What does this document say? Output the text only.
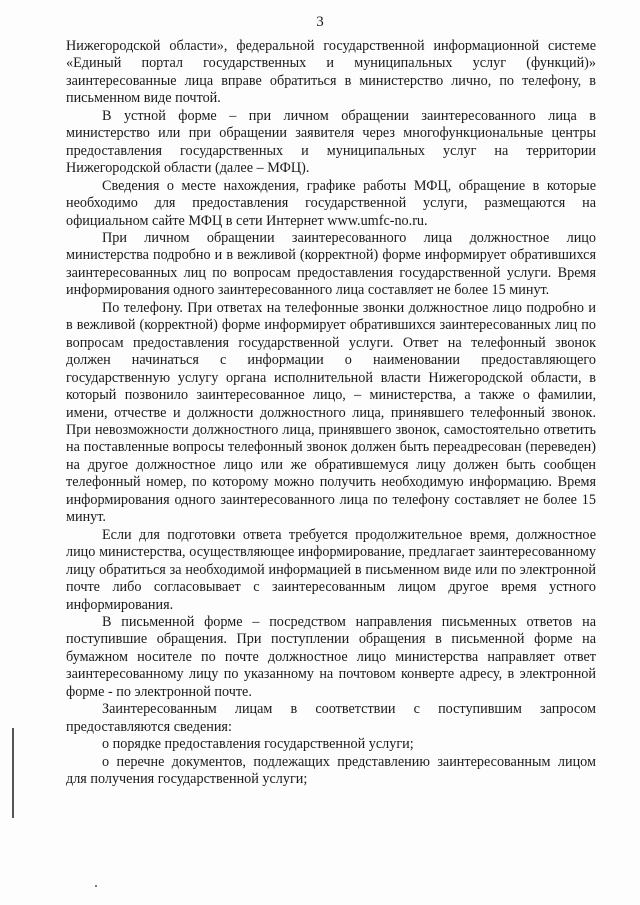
3

Нижегородской области», федеральной государственной информационной системе «Единый портал государственных и муниципальных услуг (функций)» заинтересованные лица вправе обратиться в министерство лично, по телефону, в письменном виде почтой.

В устной форме – при личном обращении заинтересованного лица в министерство или при обращении заявителя через многофункциональные центры предоставления государственных и муниципальных услуг на территории Нижегородской области (далее – МФЦ).

Сведения о месте нахождения, графике работы МФЦ, обращение в которые необходимо для предоставления государственной услуги, размещаются на официальном сайте МФЦ в сети Интернет www.umfc-no.ru.

При личном обращении заинтересованного лица должностное лицо министерства подробно и в вежливой (корректной) форме информирует обратившихся заинтересованных лиц по вопросам предоставления государственной услуги. Время информирования одного заинтересованного лица составляет не более 15 минут.

По телефону. При ответах на телефонные звонки должностное лицо подробно и в вежливой (корректной) форме информирует обратившихся заинтересованных лиц по вопросам предоставления государственной услуги. Ответ на телефонный звонок должен начинаться с информации о наименовании предоставляющего государственную услугу органа исполнительной власти Нижегородской области, в который позвонило заинтересованное лицо, – министерства, а также о фамилии, имени, отчестве и должности должностного лица, принявшего телефонный звонок. При невозможности должностного лица, принявшего звонок, самостоятельно ответить на поставленные вопросы телефонный звонок должен быть переадресован (переведен) на другое должностное лицо или же обратившемуся лицу должен быть сообщен телефонный номер, по которому можно получить необходимую информацию. Время информирования одного заинтересованного лица по телефону составляет не более 15 минут.

Если для подготовки ответа требуется продолжительное время, должностное лицо министерства, осуществляющее информирование, предлагает заинтересованному лицу обратиться за необходимой информацией в письменном виде или по электронной почте либо согласовывает с заинтересованным лицом другое время устного информирования.

В письменной форме – посредством направления письменных ответов на поступившие обращения. При поступлении обращения в письменной форме на бумажном носителе по почте должностное лицо министерства направляет ответ заинтересованному лицу по указанному на почтовом конверте адресу, в электронной форме - по электронной почте.

Заинтересованным лицам в соответствии с поступившим запросом предоставляются сведения:

о порядке предоставления государственной услуги;

о перечне документов, подлежащих представлению заинтересованным лицом для получения государственной услуги;
